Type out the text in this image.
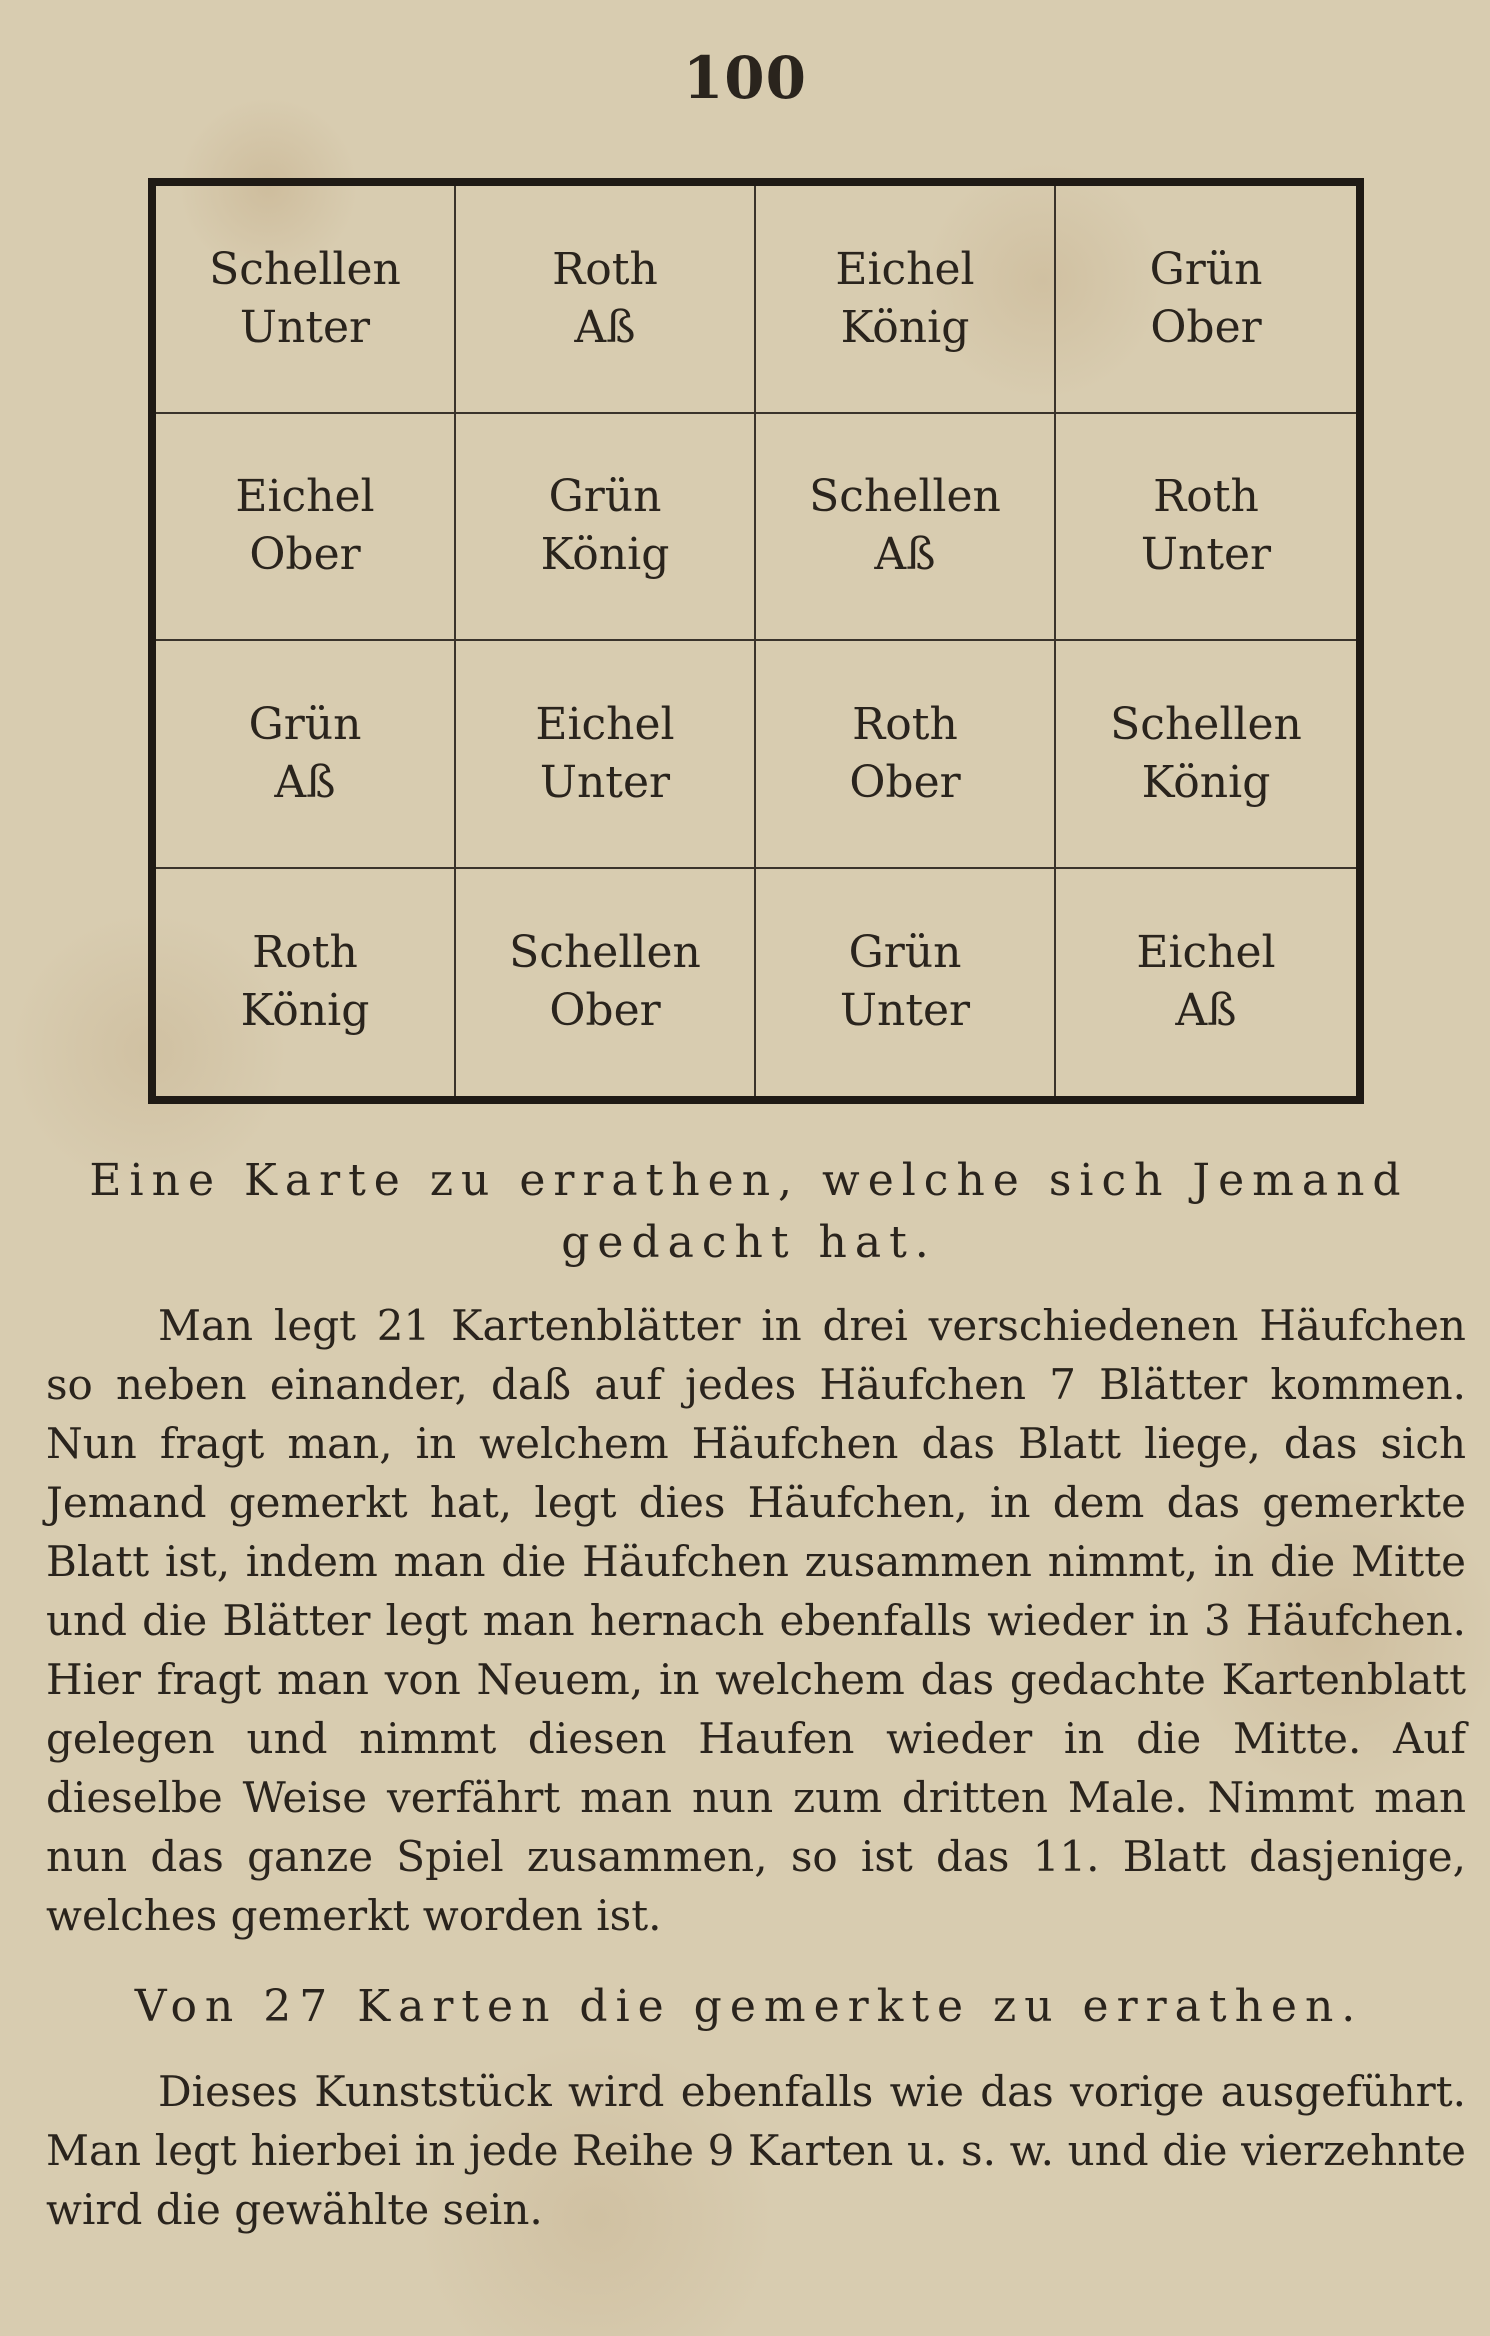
100
Schellen
Unter
Roth
Aß
Eichel
König
Grün
Ober
Eichel
Ober
Grün
König
Schellen
Aß
Roth
Unter
Grün
Aß
Eichel
Unter
Roth
Ober
Schellen
König
Roth
König
Schellen
Ober
Grün
Unter
Eichel
Aß
Eine Karte zu errathen, welche sich Jemand gedacht hat.
Man legt 21 Kartenblätter in drei verschiedenen Häufchen so neben einander, daß auf jedes Häufchen 7 Blätter kommen. Nun fragt man, in welchem Häufchen das Blatt liege, das sich Jemand gemerkt hat, legt dies Häufchen, in dem das gemerkte Blatt ist, indem man die Häufchen zusammen nimmt, in die Mitte und die Blätter legt man hernach ebenfalls wieder in 3 Häufchen. Hier fragt man von Neuem, in welchem das gedachte Kartenblatt gelegen und nimmt diesen Haufen wieder in die Mitte. Auf dieselbe Weise verfährt man nun zum dritten Male. Nimmt man nun das ganze Spiel zusammen, so ist das 11. Blatt dasjenige, welches gemerkt worden ist.
Von 27 Karten die gemerkte zu errathen.
Dieses Kunststück wird ebenfalls wie das vorige ausgeführt. Man legt hierbei in jede Reihe 9 Karten u. s. w. und die vierzehnte wird die gewählte sein.
